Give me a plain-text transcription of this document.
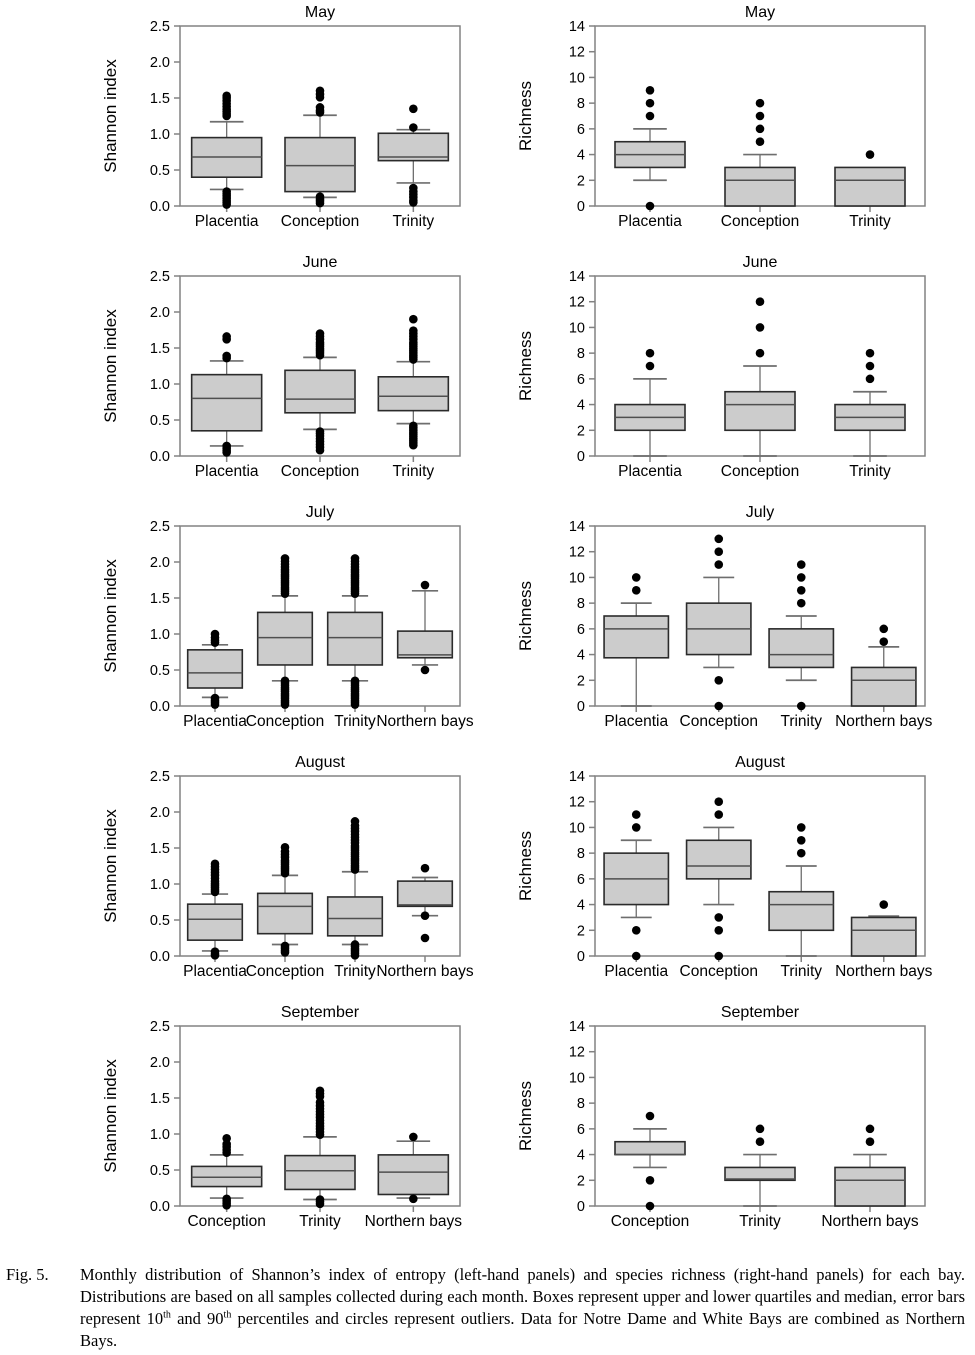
May
Shannon index
0.0
0.5
1.0
1.5
2.0
2.5
Placentia Conception Trinity
May
Richness
0
2
4
6
8
10
12
14
Placentia	Conception	Trinity
June
Shannon index
0.0
0.5
1.0
1.5
2.0
2.5
Placentia Conception Trinity
June
Richness
0
2
4
6
8
10
12
14
Placentia	Conception	Trinity
July
Shannon index
0.0
0.5
1.0
1.5
2.0
2.5
Placentia
Conception Trinity Northern bays
July
Richness
0
2
4
6
8
10
12
14
Placentia Conception Trinity Northern bays
August
Shannon index
0.0
0.5
1.0
1.5
2.0
2.5
Placentia
Conception Trinity Northern bays
August
Richness
0
2
4
6
8
10
12
14
Placentia Conception Trinity Northern bays
September
Shannon index
0.0
0.5
1.0
1.5
2.0
2.5
Conception Trinity Northern bays
September
Richness
0
2
4
6
8
10
12
14
Conception	Trinity	Northern bays
Fig. 5.	Monthly distribution of Shannon’s index of entropy (left-hand panels) and species richness (right-hand panels) for each bay. Distributions are based on all samples collected during each month. Boxes represent upper and lower quartiles and median, error bars represent 10th and 90th percentiles and circles represent outliers. Data for Notre Dame and White Bays are combined as Northern Bays.
